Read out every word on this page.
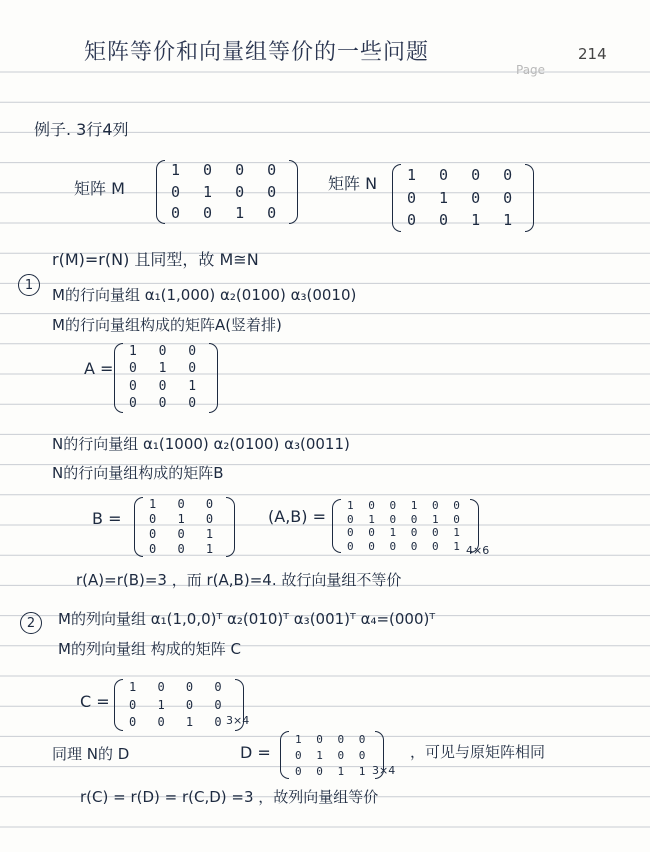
矩阵等价和向量组等价的一些问题	214
Page
例子. 3行4列
矩阵 M
1 0 0 0
0 1 0 0
0 0 1 0
矩阵 N 1 0 0 0
0 1 0 0
0 0 1 1
r(M)=r(N) 且同型，故 M≅N
1
M的行向量组 α₁(1,000) α₂(0100) α₃(0010)
M的行向量组构成的矩阵A(竖着排)
A =
1 0 0
0 1 0
0 0 1
0 0 0
N的行向量组 α₁(1000) α₂(0100) α₃(0011)
N的行向量组构成的矩阵B
B =
1 0 0
0 1 0
0 0 1
0 0 1
(A,B) =
1 0 0 1 0 0
0 1 0 0 1 0
0 0 1 0 0 1
0 0 0 0 0 1 4×6
r(A)=r(B)=3 ，而 r(A,B)=4. 故行向量组不等价
2	M的列向量组 α₁(1,0,0)ᵀ α₂(010)ᵀ α₃(001)ᵀ α₄=(000)ᵀ
M的列向量组 构成的矩阵 C
C =
1 0 0 0
0 1 0 0
0 0 1 0
3×4
同理 N的 D	D =
1 0 0 0
0 1 0 0
0 0 1 1 3×4
，可见与原矩阵相同
r(C) = r(D) = r(C,D) =3 ，故列向量组等价
